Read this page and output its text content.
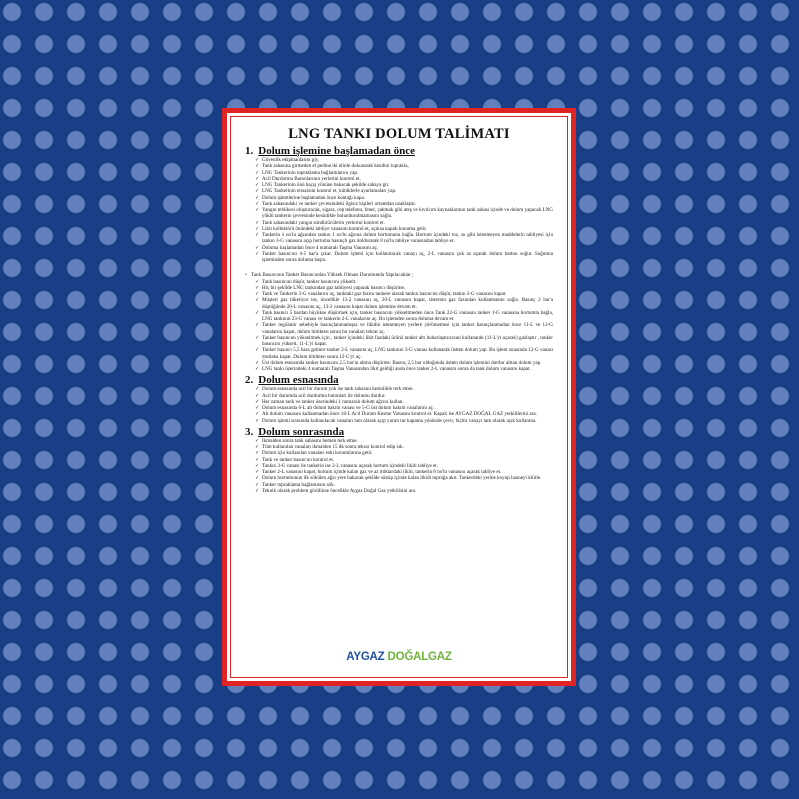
LNG TANKI DOLUM TALİMATI
1. Dolum işlemine başlamadan önce
✓ Güvenlik ekipmanlarını giy.
✓ Tank sahasına girmeden el pedine iki elinle dokunarak kendini toprakla,
✓ LNG Tankerinin topraklama bağlantılarını yap.
✓ Acil Durdurma Butonlarının yerlerini kontrol et.
✓ LNG Tankerinin önü kaçış yönüne bakacak şekilde sahaya gir.
✓ LNG Tankerinin terazisini kontrol et, kütüklerle ayarlamaları yap.
✓ Dolum işlemlerine başlamadan önce kontağı kapa.
✓ Tank sahasındaki ve tanker çevresindeki ilgisiz kişileri ortamdan uzaklaştır.
✓ Yangın tehlikesi oluşturacak, sigara, cep telefonu, fener, çakmak gibi ateş ve kıvılcım kaynaklarının tank sahası içinde ve dolum yapacak LNG yüklü tankerin çevresinde kesinlikle bulundurulmamasını sağla.
✓ Tank sahasındaki yangın söndürücülerin yerlerini kontrol et.
✓ Likit kollektörü önündeki tahliye vanasını kontrol et, açıksa kapalı konuma getir.
✓ Tankerin 1 no'lu ağzından tankın 1 no'lu ağzına dolum hortumunu bağla. Hortum içindeki toz, su gibi istenmeyen maddelerin tahliyesi için tankın 3-G vanasını açıp hortuma basınçlı gaz doldurarak 8 no'lu tahliye vanasından tahliye et.
✓ Doluma başlamadan önce 4 numaralı Taşma Vanasını aç.
✓ Tanker basıncını 4-5 bar'a çıkar. Dolum işlemi için kullanılacak vanayı aç, 2-L vanasını çok az açarak dolum hattını soğut. Soğutma işleminden sonra doluma başla.
• Tank Basıncının Tanker Basıncından Yüksek Olması Durumunda Yapılacaklar ;
✓ Tank basıncını düşür, tanker basıncını yükselt.
✓ Hiç bir şekilde LNG tankından gaz tahliyesi yaparak basıncı düşürme.
✓ Tank ve Tankerin 3-G vanalarını aç, tanktaki gaz fazını tankere alarak tankın basıncını düşür, tankın 3-G vanasını kapat.
✓ Müşteri gaz tüketiyor ise, öncelikle 13-2 vanasını aç, 20-L vanasını kapat, sisternin gaz fazından kullanmasını sağla. Basınç 2 bar'a düştüğünde 20-L vanasını aç, 13-2 vanasını kapat dolum işlemine devam et.
✓ Tank basıncı 5 bardan büyükse düşürmek için, tanker basıncını yükseltmeden önce Tank 22-G vanasını tanker 1-G vanasına hortumla bağla, LNG tankının 23-G vanası ve tankerin 2-L vanalarını aç. Bu işlemden sonra doluma devam et.
✓ Tanker regülatör sebebiyle basınçlanmamışsa ve likidin istenmeyen yerlere yürümemesi için tanker basınçlanmadan önce 11-L ve 12-G vanalarını kapat, dolum bittikten sonra bu vanaları tekrar aç.
✓ Tanker basıncını yükseltmek için , tanker içindeki likit fazdaki ürünü tanker altı buharlaştırıcısını kullanarak (11-L'yi açarak) gazlaştır , tanker basıncını yükselt, 11-L'yi kapat.
✓ Tanker basıncı 5,5 bara gelince tanker 2-L vanasını aç, LNG tankının 3-G vanası kullanarak üstten dolum yap. Bu işlem sırasında 12-G vanası mutlaka kapat. Dolum bittikten sonra 12-G'yi aç.
✓ Üst dolum esnasında tanker basıncını 2.5 bar'ın altına düşürme. Basınç 2,5 bar olduğunda üstten dolum işlemini durdur alttan dolum yap.
✓ LNG tankı üzerindeki 4 numaralı Taşma Vanasından likit geldiği anda önce tanker 2-L vanasını sonra da tank dolum vanasını kapat.
2. Dolum esnasında
✓ Dolum esnasında acil bir durum yok ise tank sahasını kesinlikle terk etme.
✓ Acil bir durumda acil durdurma butonları ile dolumu durdur.
✓ Her zaman tank ve tanker üzerindeki 1 numaralı dolum ağzını kullan.
✓ Dolum esnasında 6-L alt dolum bakım vanası ve 5-G üst dolum bakım vanalarını aç.
✓ Alt dolum vanasını kullanmadan önce 18-L Acil Durum Kesme Vanasını kontrol et. Kapalı ise AYGAZ DOĞAL GAZ yetkililerini ara.
✓ Dolum işlemi sırasında kullanılacak vanaları tam olarak açıp yarım tur kapama yönünde çevir, hiçbir vanayı tam olarak açık kullanma.
3. Dolum sonrasında
✓ İkmalden sonra tank sahasını hemen terk etme.
✓ Tüm kullanılan vanaları ikmalden 15 dk sonra tekrar kontrol edip sık.
✓ Dolum için kullanılan vanaları eski konumlarına getir.
✓ Tank ve tanker basıncını kontrol et.
✓ Tankın 3-G vanası ile tankerin ise 2-L vanasını açarak hortum içindeki likiti tahliye et.
✓ Tanker 2-L vanasını kapat, hortum içinde kalan gaz ve az miktardaki likiti, tankerin 8 no'lu vanasını açarak tahliye et.
✓ Dolum hortumunun ilk sökülen ağzı yere bakacak şekilde söküp içinde kalan likidi toprağa akıt. Tankerdeki yerine koyup hazneyi kilitle.
✓ Tanker topraklama bağlantısını sök.
✓ Teknik olarak problem görülürse öncelikle Aygaz Doğal Gaz yetkilisini ara.
AYGAZ DOĞALGAZ
